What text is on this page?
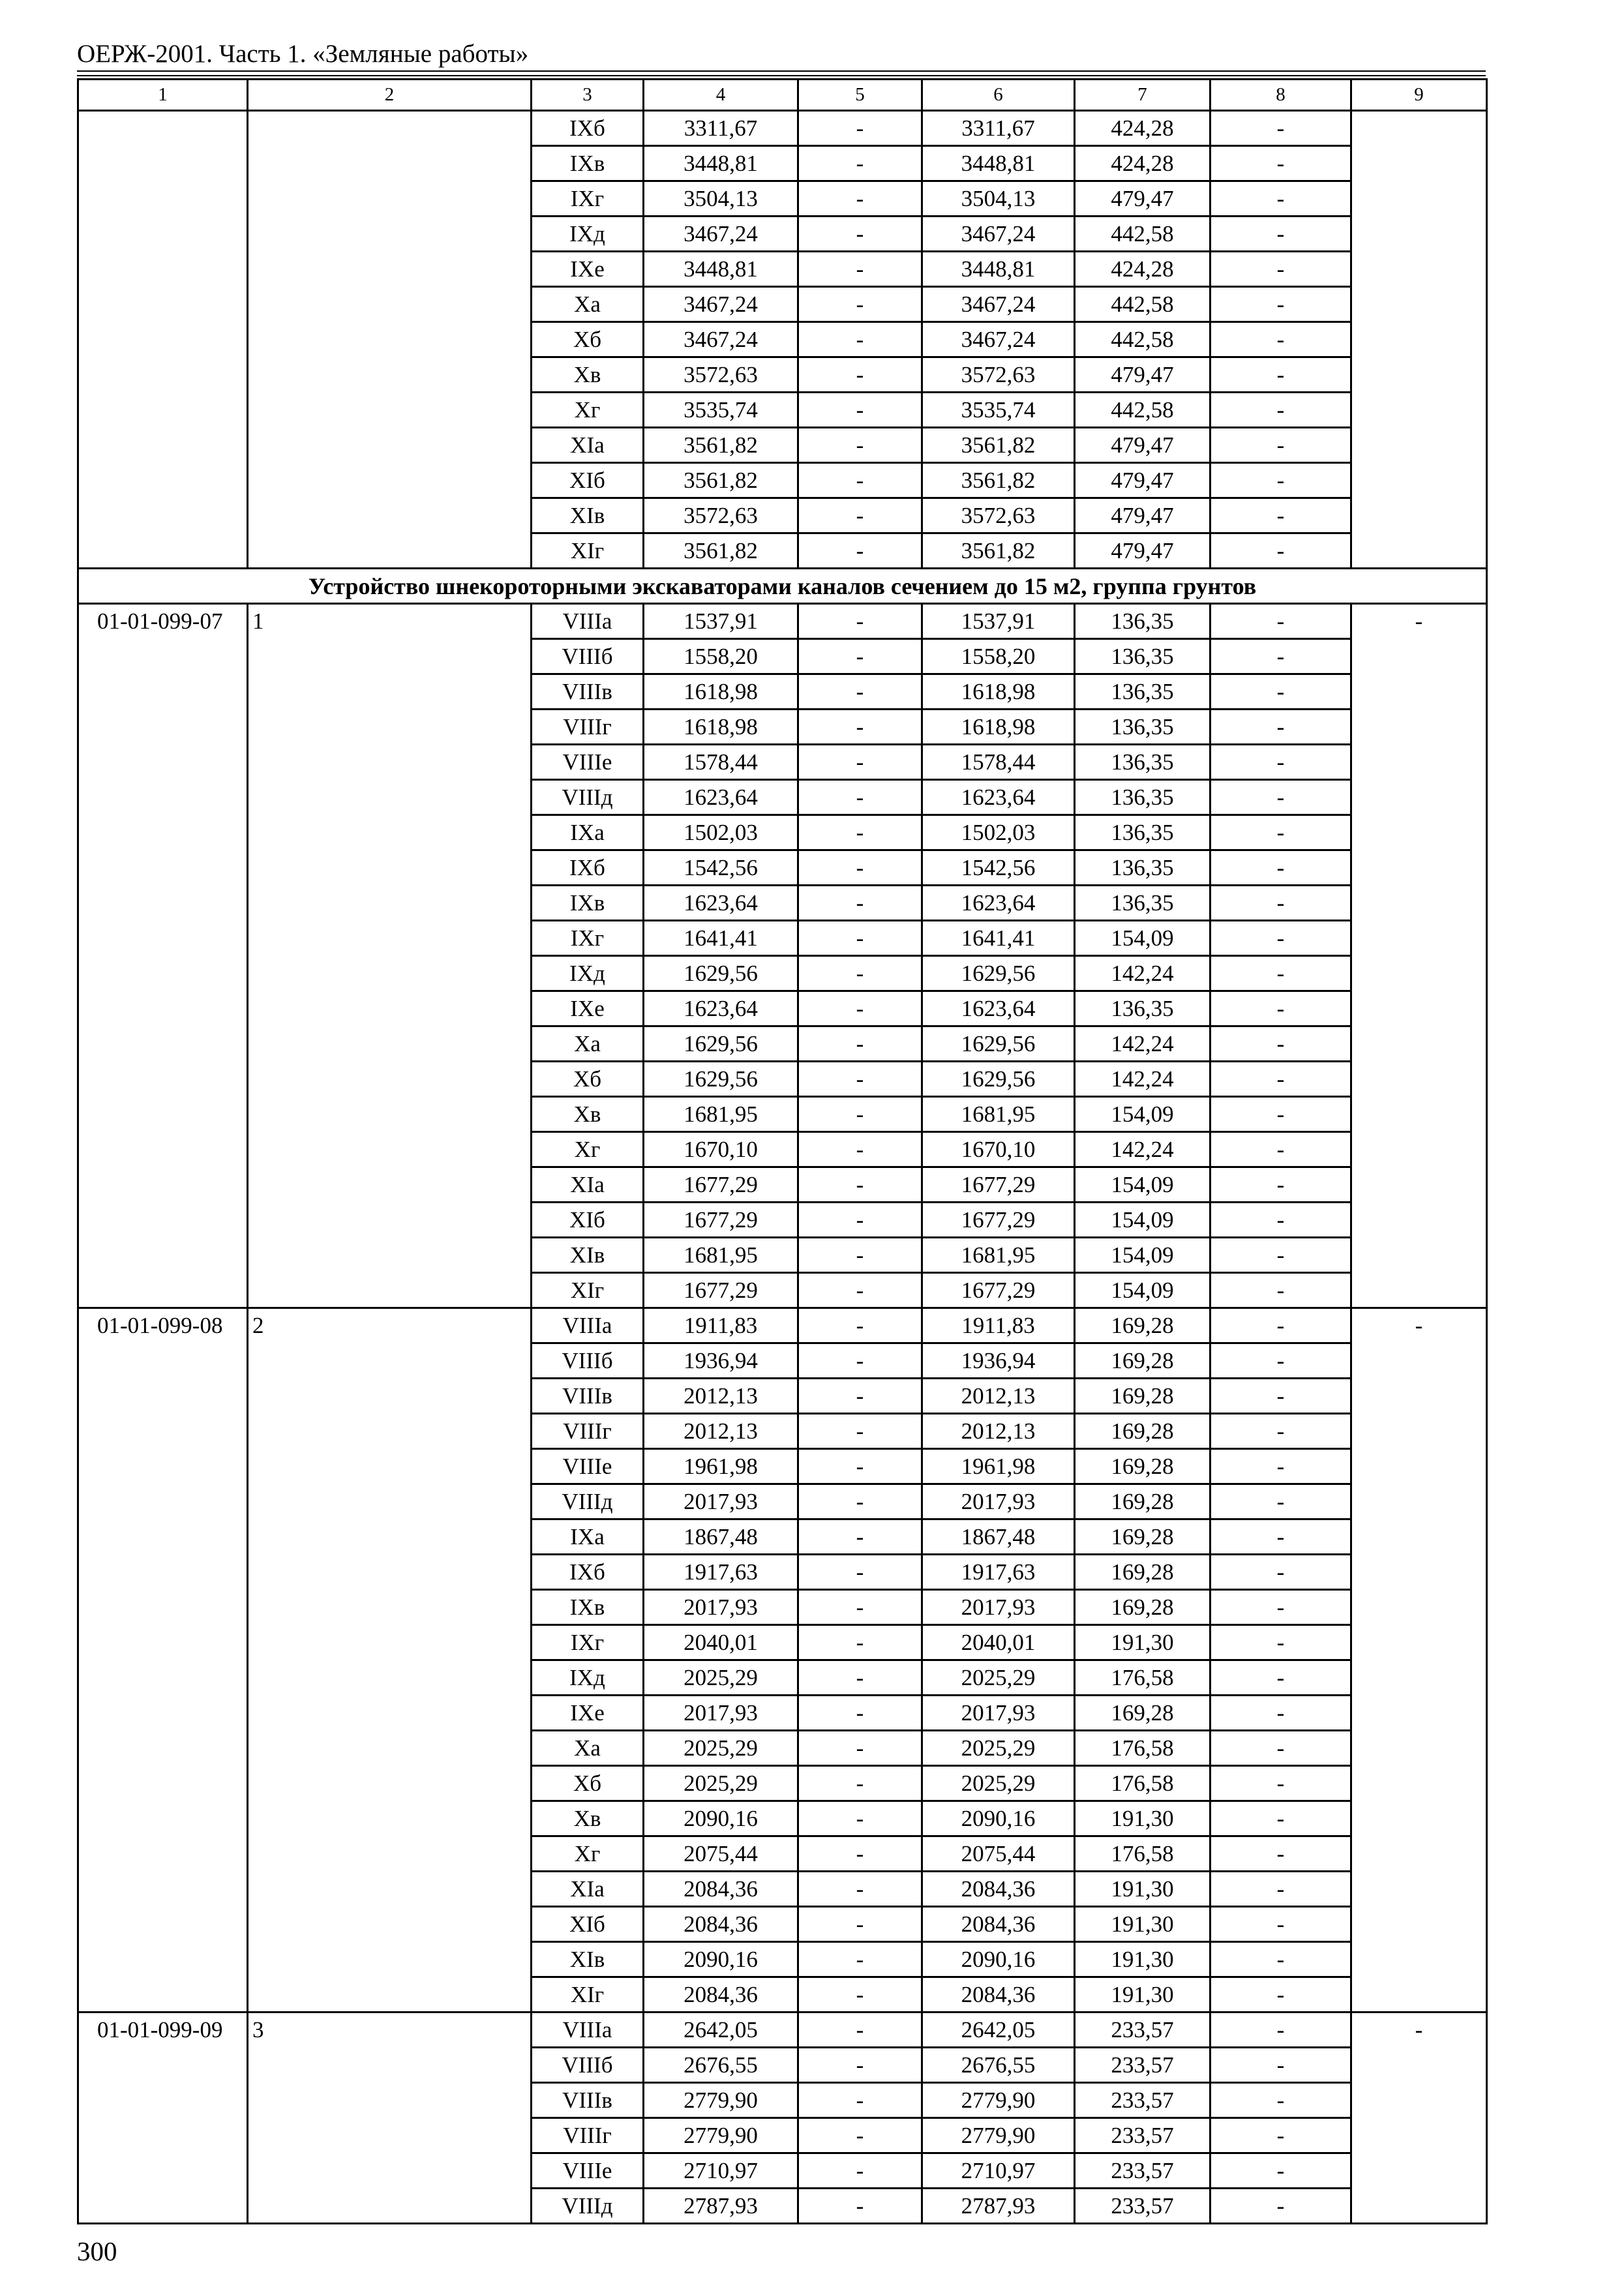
ОЕРЖ-2001. Часть 1. «Земляные работы»
1	2	3	4	5	6	7	8	9
		IXб	3311,67	-	3311,67	424,28	-	
		IXв	3448,81	-	3448,81	424,28	-	
		IXг	3504,13	-	3504,13	479,47	-	
		IXд	3467,24	-	3467,24	442,58	-	
		IXе	3448,81	-	3448,81	424,28	-	
		Xа	3467,24	-	3467,24	442,58	-	
		Xб	3467,24	-	3467,24	442,58	-	
		Xв	3572,63	-	3572,63	479,47	-	
		Xг	3535,74	-	3535,74	442,58	-	
		XIа	3561,82	-	3561,82	479,47	-	
		XIб	3561,82	-	3561,82	479,47	-	
		XIв	3572,63	-	3572,63	479,47	-	
		XIг	3561,82	-	3561,82	479,47	-	
Устройство шнекороторными экскаваторами каналов сечением до 15 м2, группа грунтов								
01-01-099-07	1	VIIIа	1537,91	-	1537,91	136,35	-	-
		VIIIб	1558,20	-	1558,20	136,35	-	
		VIIIв	1618,98	-	1618,98	136,35	-	
		VIIIг	1618,98	-	1618,98	136,35	-	
		VIIIе	1578,44	-	1578,44	136,35	-	
		VIIIд	1623,64	-	1623,64	136,35	-	
		IXа	1502,03	-	1502,03	136,35	-	
		IXб	1542,56	-	1542,56	136,35	-	
		IXв	1623,64	-	1623,64	136,35	-	
		IXг	1641,41	-	1641,41	154,09	-	
		IXд	1629,56	-	1629,56	142,24	-	
		IXе	1623,64	-	1623,64	136,35	-	
		Xа	1629,56	-	1629,56	142,24	-	
		Xб	1629,56	-	1629,56	142,24	-	
		Xв	1681,95	-	1681,95	154,09	-	
		Xг	1670,10	-	1670,10	142,24	-	
		XIа	1677,29	-	1677,29	154,09	-	
		XIб	1677,29	-	1677,29	154,09	-	
		XIв	1681,95	-	1681,95	154,09	-	
		XIг	1677,29	-	1677,29	154,09	-	
01-01-099-08	2	VIIIа	1911,83	-	1911,83	169,28	-	-
		VIIIб	1936,94	-	1936,94	169,28	-	
		VIIIв	2012,13	-	2012,13	169,28	-	
		VIIIг	2012,13	-	2012,13	169,28	-	
		VIIIе	1961,98	-	1961,98	169,28	-	
		VIIIд	2017,93	-	2017,93	169,28	-	
		IXа	1867,48	-	1867,48	169,28	-	
		IXб	1917,63	-	1917,63	169,28	-	
		IXв	2017,93	-	2017,93	169,28	-	
		IXг	2040,01	-	2040,01	191,30	-	
		IXд	2025,29	-	2025,29	176,58	-	
		IXе	2017,93	-	2017,93	169,28	-	
		Xа	2025,29	-	2025,29	176,58	-	
		Xб	2025,29	-	2025,29	176,58	-	
		Xв	2090,16	-	2090,16	191,30	-	
		Xг	2075,44	-	2075,44	176,58	-	
		XIа	2084,36	-	2084,36	191,30	-	
		XIб	2084,36	-	2084,36	191,30	-	
		XIв	2090,16	-	2090,16	191,30	-	
		XIг	2084,36	-	2084,36	191,30	-	
01-01-099-09	3	VIIIа	2642,05	-	2642,05	233,57	-	-
		VIIIб	2676,55	-	2676,55	233,57	-	
		VIIIв	2779,90	-	2779,90	233,57	-	
		VIIIг	2779,90	-	2779,90	233,57	-	
		VIIIе	2710,97	-	2710,97	233,57	-	
		VIIIд	2787,93	-	2787,93	233,57	-	
300
